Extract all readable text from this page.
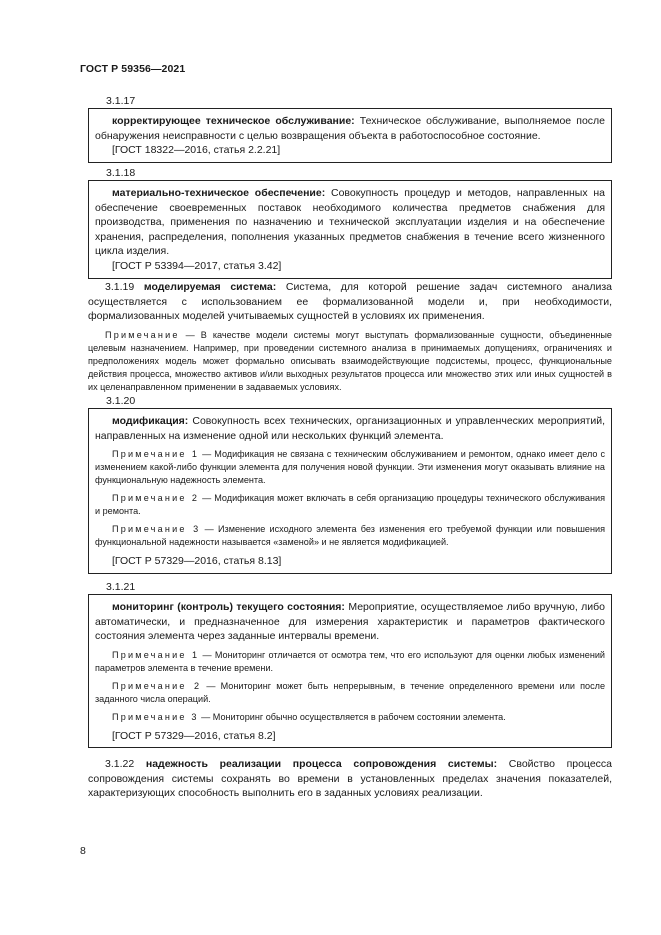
ГОСТ Р 59356—2021
3.1.17

корректирующее техническое обслуживание: Техническое обслуживание, выполняемое после обнаружения неисправности с целью возвращения объекта в работоспособное состояние.

[ГОСТ 18322—2016, статья 2.2.21]

3.1.18

материально-техническое обеспечение: Совокупность процедур и методов, направленных на обеспечение своевременных поставок необходимого количества предметов снабжения для производства, применения по назначению и технической эксплуатации изделия и на обеспечение хранения, распределения, пополнения указанных предметов снабжения в течение всего жизненного цикла изделия.

[ГОСТ Р 53394—2017, статья 3.42]

3.1.19 моделируемая система: Система, для которой решение задач системного анализа осуществляется с использованием ее формализованной модели и, при необходимости, формализованных моделей учитываемых сущностей в условиях их применения.

Примечание — В качестве модели системы могут выступать формализованные сущности, объединенные целевым назначением. Например, при проведении системного анализа в принимаемых допущениях, ограничениях и предположениях модель может формально описывать взаимодействующие подсистемы, процесс, функциональные действия процесса, множество активов и/или выходных результатов процесса или множество этих или иных сущностей в их целенаправленном применении в задаваемых условиях.

3.1.20

модификация: Совокупность всех технических, организационных и управленческих мероприятий, направленных на изменение одной или нескольких функций элемента.

Примечание 1 — Модификация не связана с техническим обслуживанием и ремонтом, однако имеет дело с изменением какой-либо функции элемента для получения новой функции. Эти изменения могут оказывать влияние на функциональную надежность элемента.

Примечание 2 — Модификация может включать в себя организацию процедуры технического обслуживания и ремонта.

Примечание 3 — Изменение исходного элемента без изменения его требуемой функции или повышения функциональной надежности называется «заменой» и не является модификацией.

[ГОСТ Р 57329—2016, статья 8.13]

3.1.21

мониторинг (контроль) текущего состояния: Мероприятие, осуществляемое либо вручную, либо автоматически, и предназначенное для измерения характеристик и параметров фактического состояния элемента через заданные интервалы времени.

Примечание 1 — Мониторинг отличается от осмотра тем, что его используют для оценки любых изменений параметров элемента в течение времени.

Примечание 2 — Мониторинг может быть непрерывным, в течение определенного времени или после заданного числа операций.

Примечание 3 — Мониторинг обычно осуществляется в рабочем состоянии элемента.

[ГОСТ Р 57329—2016, статья 8.2]

3.1.22 надежность реализации процесса сопровождения системы: Свойство процесса сопровождения системы сохранять во времени в установленных пределах значения показателей, характеризующих способность выполнить его в заданных условиях реализации.

8
